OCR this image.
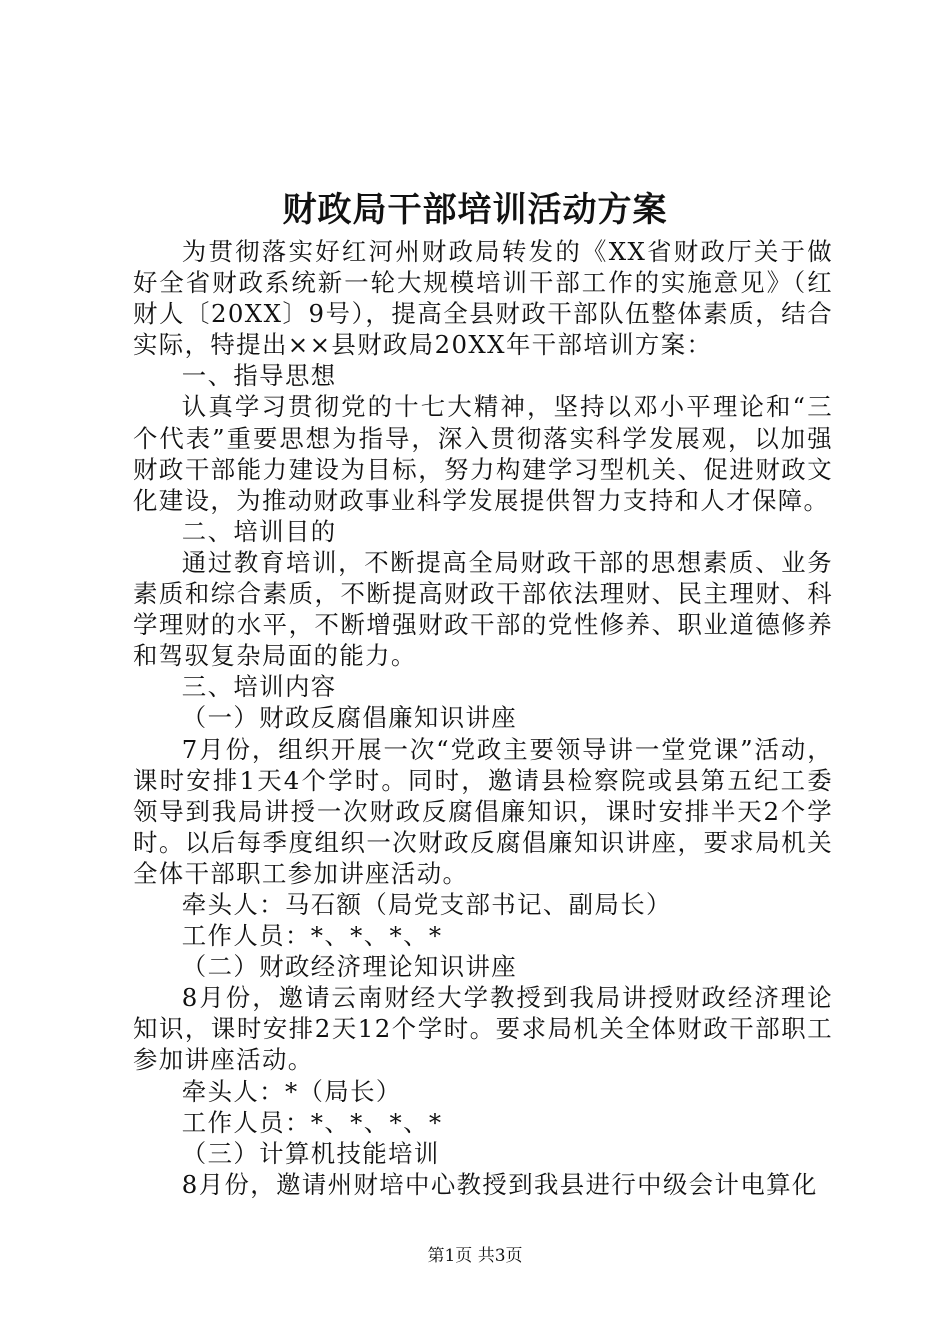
财政局干部培训活动方案

为贯彻落实好红河州财政局转发的《XX省财政厅关于做好全省财政系统新一轮大规模培训干部工作的实施意见》（红财人〔20XX〕9号），提高全县财政干部队伍整体素质，结合实际，特提出××县财政局20XX年干部培训方案：

一、指导思想

认真学习贯彻党的十七大精神，坚持以邓小平理论和“三个代表”重要思想为指导，深入贯彻落实科学发展观，以加强财政干部能力建设为目标，努力构建学习型机关、促进财政文化建设，为推动财政事业科学发展提供智力支持和人才保障。

二、培训目的

通过教育培训，不断提高全局财政干部的思想素质、业务素质和综合素质，不断提高财政干部依法理财、民主理财、科学理财的水平，不断增强财政干部的党性修养、职业道德修养和驾驭复杂局面的能力。

三、培训内容

（一）财政反腐倡廉知识讲座

7月份，组织开展一次“党政主要领导讲一堂党课”活动，课时安排1天4个学时。同时，邀请县检察院或县第五纪工委领导到我局讲授一次财政反腐倡廉知识，课时安排半天2个学时。以后每季度组织一次财政反腐倡廉知识讲座，要求局机关全体干部职工参加讲座活动。

牵头人：马石额（局党支部书记、副局长）

工作人员：*、*、*、*

（二）财政经济理论知识讲座

8月份，邀请云南财经大学教授到我局讲授财政经济理论知识，课时安排2天12个学时。要求局机关全体财政干部职工参加讲座活动。

牵头人：*（局长）

工作人员：*、*、*、*

（三）计算机技能培训

8月份，邀请州财培中心教授到我县进行中级会计电算化

第1页 共3页
